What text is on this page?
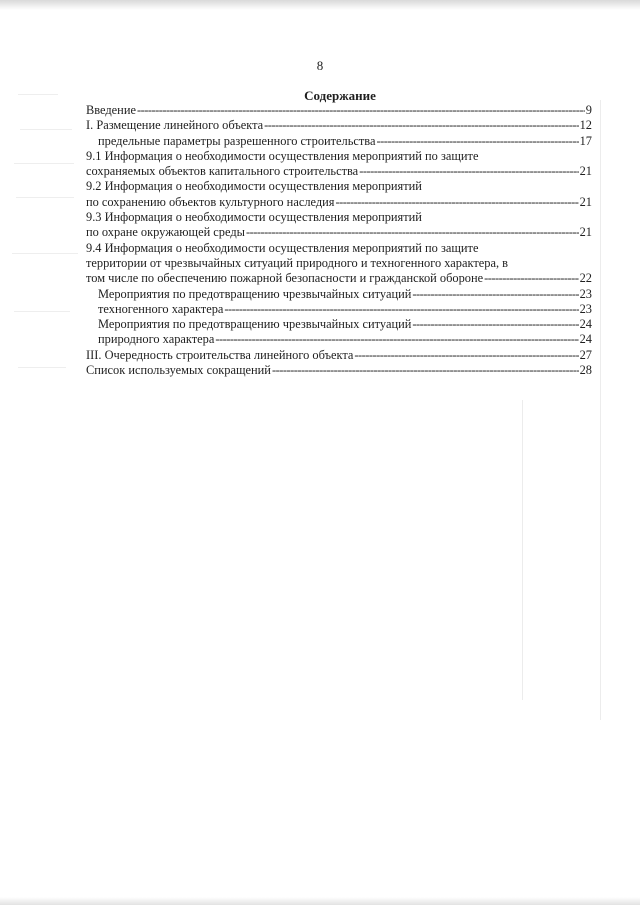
8
Содержание
Введение -----	9
I. Размещение линейного объекта -----	12
предельные параметры разрешенного строительства -----	17
9.1 Информация о необходимости осуществления мероприятий по защите
сохраняемых объектов капитального строительства -----	21
9.2 Информация о необходимости осуществления мероприятий
по сохранению объектов культурного наследия -----	21
9.3 Информация о необходимости осуществления мероприятий
по охране окружающей среды -----	21
9.4 Информация о необходимости осуществления мероприятий по защите
территории от чрезвычайных ситуаций природного и техногенного характера, в
том числе по обеспечению пожарной безопасности и гражданской обороне -----	22
Мероприятия по предотвращению чрезвычайных ситуаций -----	23
техногенного характера -----	23
Мероприятия по предотвращению чрезвычайных ситуаций -----	24
природного характера -----	24
III. Очередность строительства линейного объекта -----	27
Список используемых сокращений -----	28
